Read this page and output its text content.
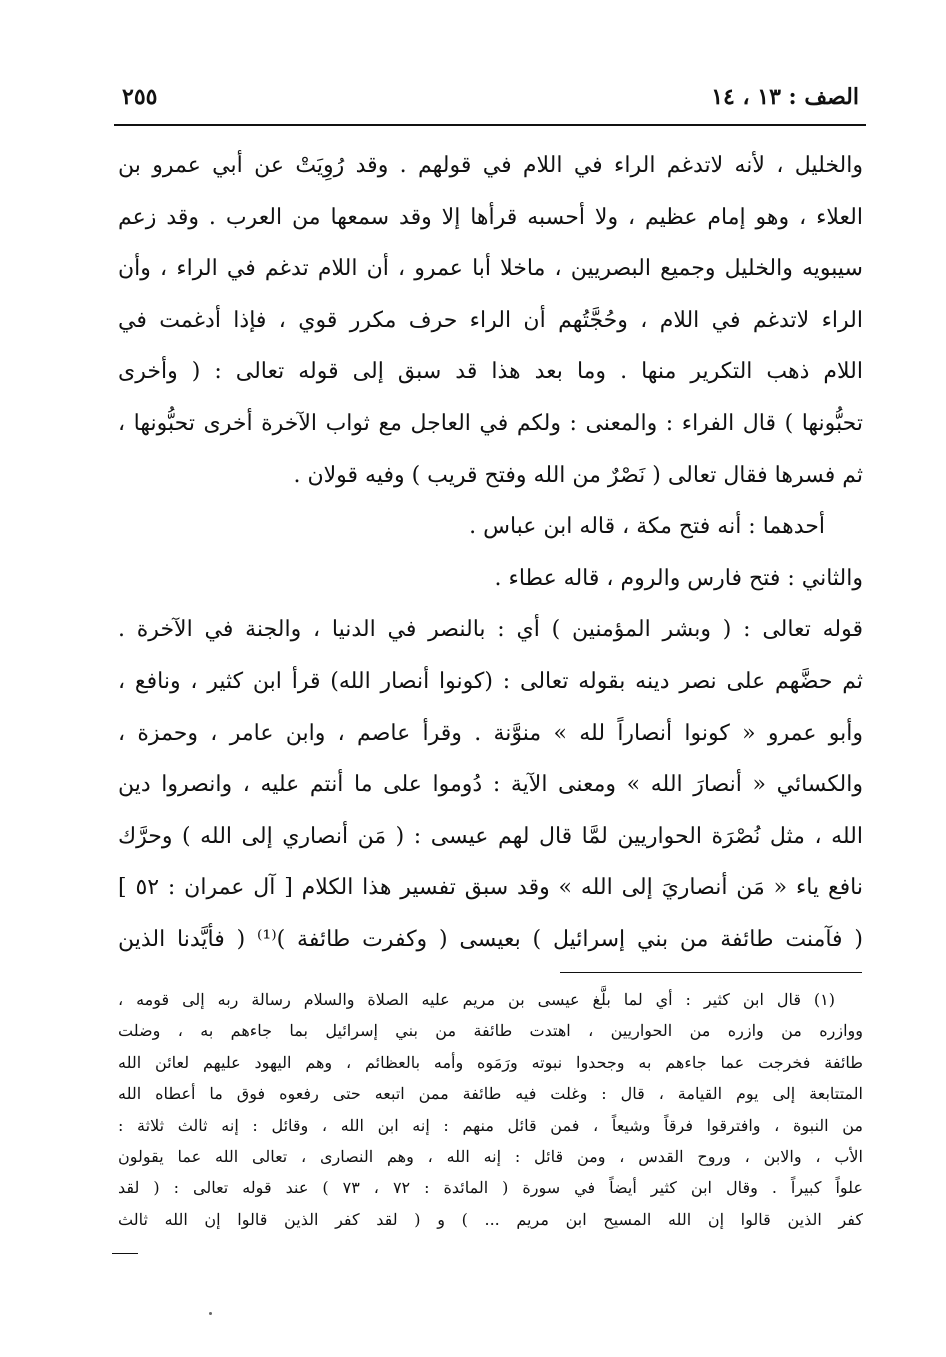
الصف : ١٣ ، ١٤
٢٥٥
والخليل ، لأنه لاتدغم الراء في اللام في قولهم . وقد رُوِيَتْ عن أبي عمرو بن
العلاء ، وهو إمام عظيم ، ولا أحسبه قرأها إلا وقد سمعها من العرب . وقد زعم
سيبويه والخليل وجميع البصريين ، ماخلا أبا عمرو ، أن اللام تدغم في الراء ، وأن
الراء لاتدغم في اللام ، وحُجَّتُهم أن الراء حرف مكرر قوي ، فإذا أدغمت في
اللام ذهب التكرير منها . وما بعد هذا قد سبق إلى قوله تعالى : ( وأخرى
تحبُّونها ) قال الفراء : والمعنى : ولكم في العاجل مع ثواب الآخرة أخرى تحبُّونها ،
ثم فسرها فقال تعالى ( نَصْرٌ من الله وفتح قريب ) وفيه قولان .
أحدهما : أنه فتح مكة ، قاله ابن عباس .
والثاني : فتح فارس والروم ، قاله عطاء .
قوله تعالى : ( وبشر المؤمنين ) أي : بالنصر في الدنيا ، والجنة في الآخرة .
ثم حضَّهم على نصر دينه بقوله تعالى : (كونوا أنصار الله) قرأ ابن كثير ، ونافع ،
وأبو عمرو « كونوا أنصاراً لله » منوَّنة . وقرأ عاصم ، وابن عامر ، وحمزة ،
والكسائي « أنصارَ الله » ومعنى الآية : دُوموا على ما أنتم عليه ، وانصروا دين
الله ، مثل نُصْرَة الحواريين لمَّا قال لهم عيسى : ( مَن أنصاري إلى الله ) وحرَّك
نافع ياء « مَن أنصاريَ إلى الله » وقد سبق تفسير هذا الكلام [ آل عمران : ٥٢ ]
( فآمنت طائفة من بني إسرائيل ) بعيسى ( وكفرت طائفة )⁽¹⁾ ( فأيَّدنا الذين
(١) قال ابن كثير : أي لما بلَّغ عيسى بن مريم عليه الصلاة والسلام رسالة ربه إلى قومه ،
ووازره من وازره من الحواريين ، اهتدت طائفة من بني إسرائيل بما جاءهم به ، وضلت
طائفة فخرجت عما جاءهم به وجحدوا نبوته ورَمَوه وأمه بالعظائم ، وهم اليهود عليهم لعائن الله
المتتابعة إلى يوم القيامة ، قال : وغلت فيه طائفة ممن اتبعه حتى رفعوه فوق ما أعطاه الله
من النبوة ، وافترقوا فرقاً وشيعاً ، فمن قائل منهم : إنه ابن الله ، وقائل : إنه ثالث ثلاثة :
الأب ، والابن ، وروح القدس ، ومن قائل : إنه الله ، وهم النصارى ، تعالى الله عما يقولون
علواً كبيراً . وقال ابن كثير أيضاً في سورة ( المائدة : ٧٢ ، ٧٣ ) عند قوله تعالى : ( لقد
كفر الذين قالوا إن الله المسيح ابن مريم ... ) و ( لقد كفر الذين قالوا إن الله ثالث
